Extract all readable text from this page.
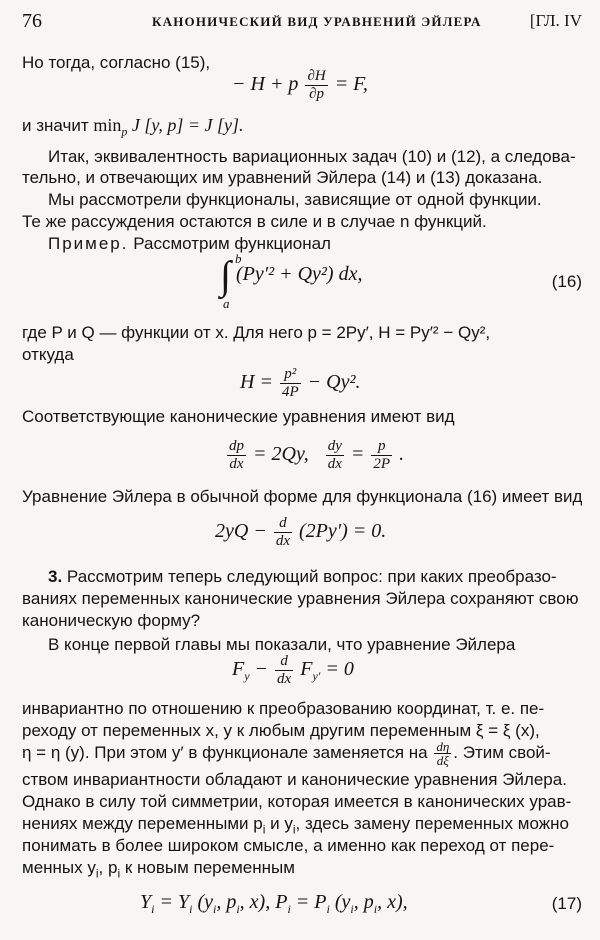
76	КАНОНИЧЕСКИЙ ВИД УРАВНЕНИЙ ЭЙЛЕРА	[ГЛ. IV
Но тогда, согласно (15),
− H + p $\frac{\partial H}{\partial p} = F$,
и значит $\min_p J$ [y, p] = J [y].
Итак, эквивалентность вариационных задач (10) и (12), а следова-
тельно, и отвечающих им уравнений Эйлера (14) и (13) доказана.
Мы рассмотрели функционалы, зависящие от одной функции.
Те же рассуждения остаются в силе и в случае n функций.
Пример. Рассмотрим функционал
∫ (Py′² + Qy²) dx,
b
a
(16)
где P и Q — функции от x. Для него p = 2Py′, H = Py′² − Qy²,
откуда
$H = \frac{\text{p²}}{4P} - Qy^2$.
Соответствующие канонические уравнения имеют вид
$\frac{dp}{dx} = 2Qy$, $\frac{dy}{dx} = \frac{p}{2P}$ .
Уравнение Эйлера в обычной форме для функционала (16) имеет вид
$2yQ - \frac{d}{dx} (2Py') = 0$.
3. Рассмотрим теперь следующий вопрос: при каких преобразо-
ваниях переменных канонические уравнения Эйлера сохраняют свою
каноническую форму?
В конце первой главы мы показали, что уравнение Эйлера
$F_y - \frac{d}{dx} F_{y'} = 0$
инвариантно по отношению к преобразованию координат, т. е. пе-
реходу от переменных x, y к любым другим переменным ξ = ξ (x),
η = η (y). При этом y′ в функционале заменяется на $\frac{d\eta}{d\xi}$ . Этим свой-
ством инвариантности обладают и канонические уравнения Эйлера.
Однако в силу той симметрии, которая имеется в канонических урав-
нениях между переменными $p_i$ и $y_i$, здесь замену переменных можно
понимать в более широком смысле, а именно как переход от пере-
менных $y_i$, $p_i$ к новым переменным
$Y_i = Y_i$ ($y_i$, $p_i$, x), $P_i = P_i$ ($y_i$, $p_i$, x),	(17)
